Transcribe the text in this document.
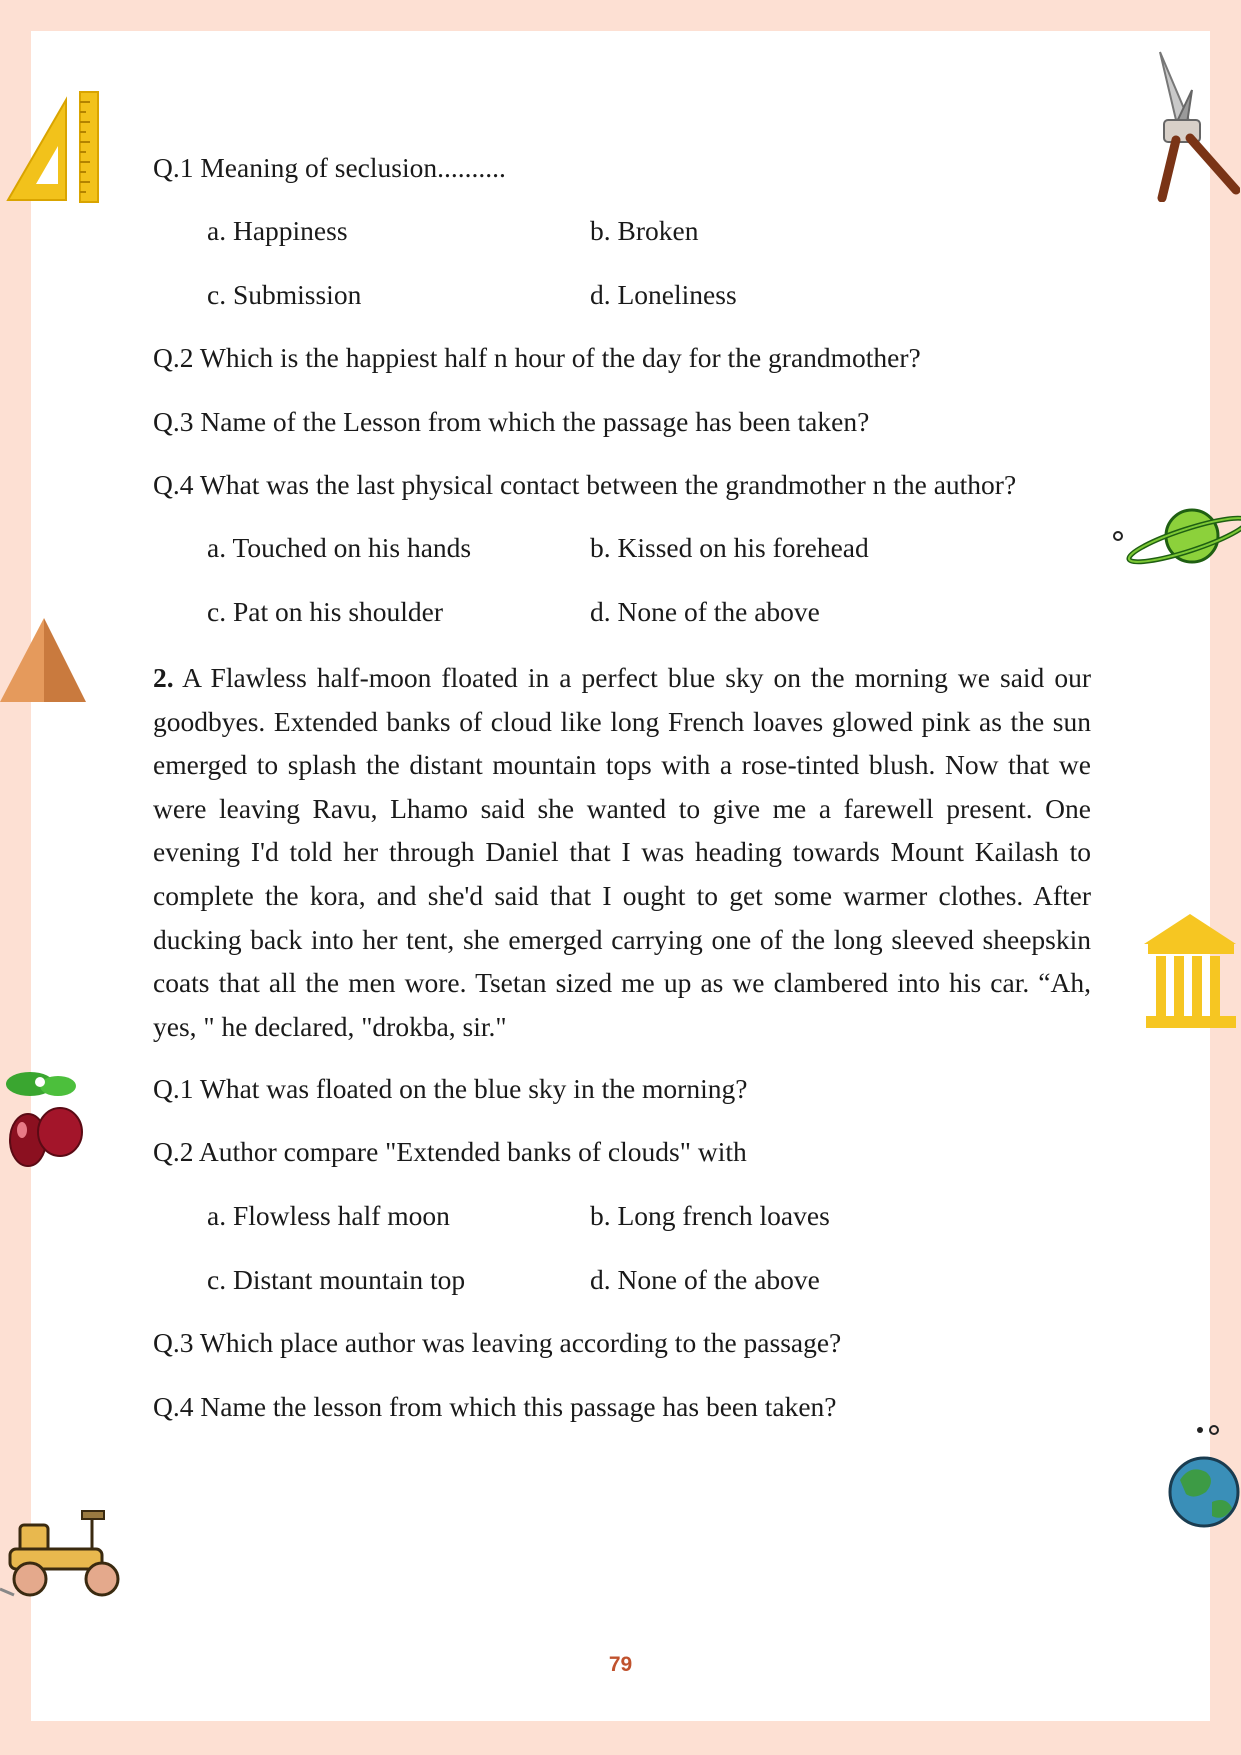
Q.1 Meaning of seclusion..........
a. Happiness	b. Broken
c. Submission	d. Loneliness
Q.2 Which is the happiest half n hour of the day for the grandmother?
Q.3 Name of the Lesson from which the passage has been taken?
Q.4 What was the last physical contact between the grandmother n the author?
a. Touched on his hands	b. Kissed on his forehead
c. Pat on his shoulder	d. None of the above
Q.1 What was floated on the blue sky in the morning?
Q.2 Author compare "Extended banks of clouds" with
a. Flowless half moon	b. Long french loaves
c. Distant mountain top	d. None of the above
Q.3 Which place author was leaving according to the passage?
Q.4 Name the lesson from which this passage has been taken?
2. A Flawless half-moon floated in a perfect blue sky on the morning we said our goodbyes. Extended banks of cloud like long French loaves glowed pink as the sun emerged to splash the distant mountain tops with a rose-tinted blush. Now that we were leaving Ravu, Lhamo said she wanted to give me a farewell present. One evening I'd told her through Daniel that I was heading towards Mount Kailash to complete the kora, and she'd said that I ought to get some warmer clothes. After ducking back into her tent, she emerged carrying one of the long sleeved sheepskin coats that all the men wore. Tsetan sized me up as we clambered into his car. “Ah, yes, " he declared, "drokba, sir."
79
